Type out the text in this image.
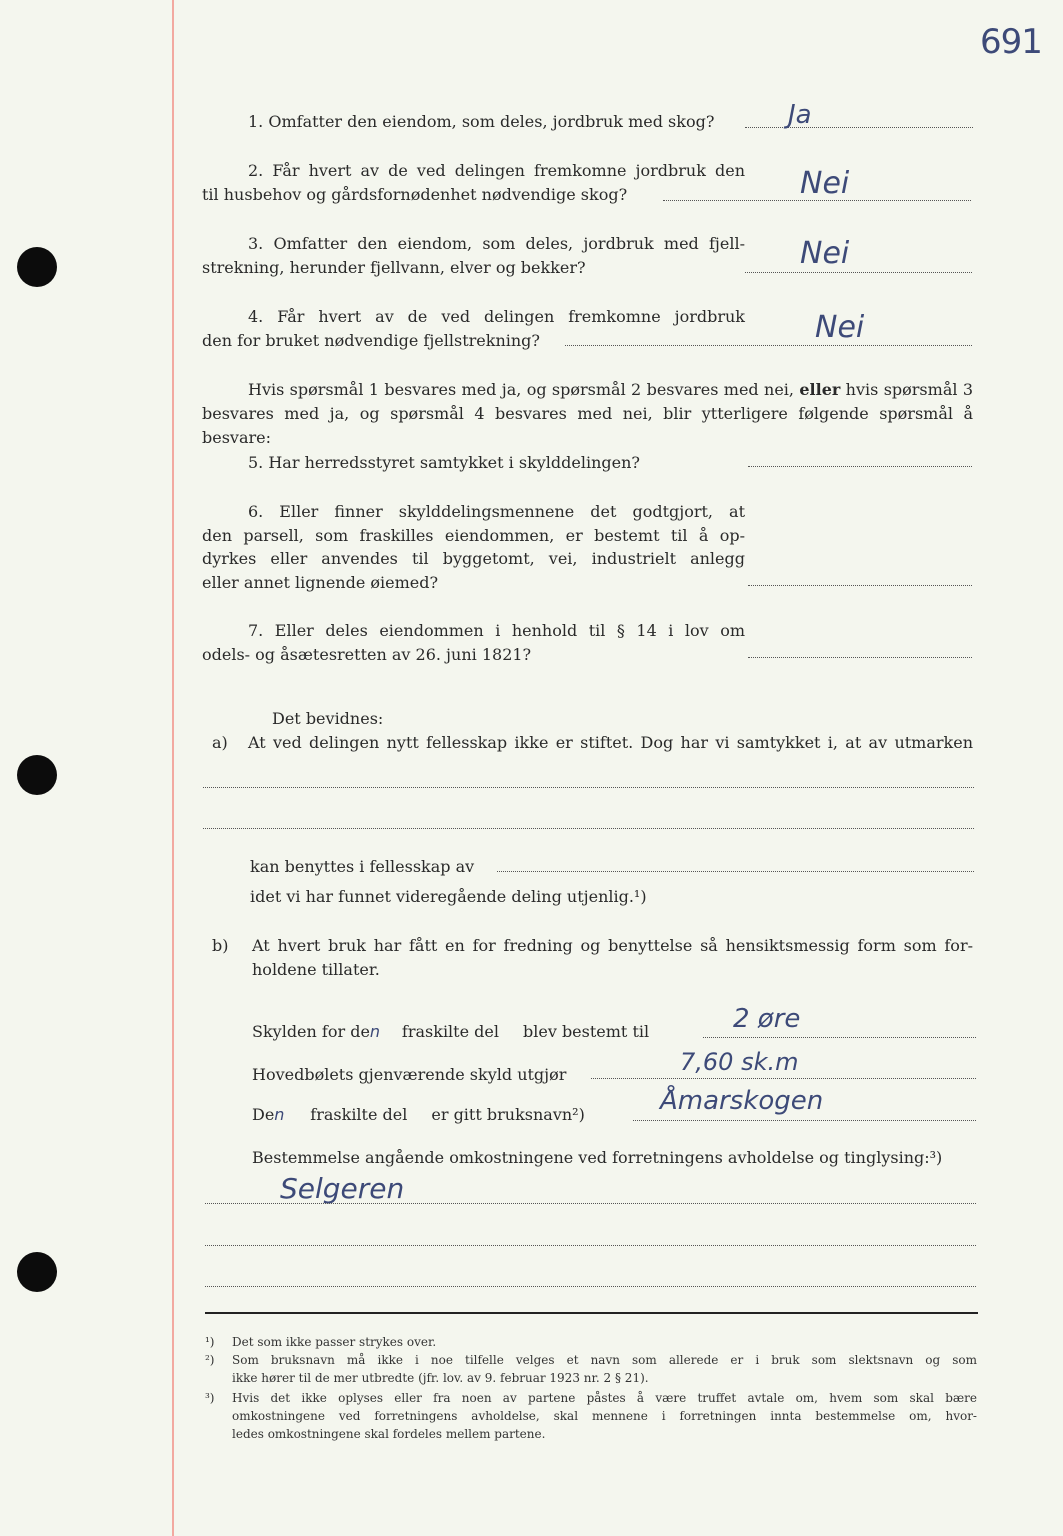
691
1. Omfatter den eiendom, som deles, jordbruk med skog?	Ja
2. Får hvert av de ved delingen fremkomne jordbruk den
til husbehov og gårdsfornødenhet nødvendige skog?	Nei
3. Omfatter den eiendom, som deles, jordbruk med fjell-
strekning, herunder fjellvann, elver og bekker?	Nei
4. Får hvert av de ved delingen fremkomne jordbruk
den for bruket nødvendige fjellstrekning?	Nei
Hvis spørsmål 1 besvares med ja, og spørsmål 2 besvares med nei, eller hvis spørsmål 3
besvares med ja, og spørsmål 4 besvares med nei, blir ytterligere følgende spørsmål å besvare:
5. Har herredsstyret samtykket i skylddelingen?
6. Eller finner skylddelingsmennene det godtgjort, at
den parsell, som fraskilles eiendommen, er bestemt til å op-
dyrkes eller anvendes til byggetomt, vei, industrielt anlegg
eller annet lignende øiemed?
7. Eller deles eiendommen i henhold til § 14 i lov om
odels- og åsætesretten av 26. juni 1821?
Det bevidnes:
a) At ved delingen nytt fellesskap ikke er stiftet. Dog har vi samtykket i, at av utmarken
kan benyttes i fellesskap av
idet vi har funnet videregående deling utjenlig.¹)
b) At hvert bruk har fått en for fredning og benyttelse så hensiktsmessig form som for-
holdene tillater.
Skylden for den fraskilte del blev bestemt til	2 øre
Hovedbølets gjenværende skyld utgjør	7,60 sk.m
Den fraskilte del er gitt bruksnavn²)	Åmarskogen
Bestemmelse angående omkostningene ved forretningens avholdelse og tinglysing:³)
Selgeren
¹) Det som ikke passer strykes over.
²)	Som bruksnavn må ikke i noe tilfelle velges et navn som allerede er i bruk som slektsnavn og som
ikke hører til de mer utbredte (jfr. lov. av 9. februar 1923 nr. 2 § 21).
³)	Hvis det ikke oplyses eller fra noen av partene påstes å være truffet avtale om, hvem som skal bære
omkostningene ved forretningens avholdelse, skal mennene i forretningen innta bestemmelse om, hvor-
ledes omkostningene skal fordeles mellem partene.
